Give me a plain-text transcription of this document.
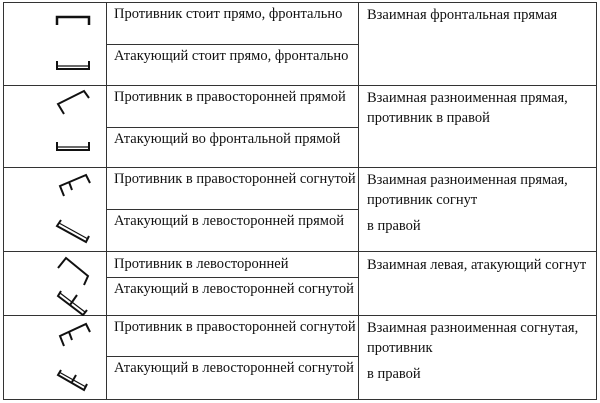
Противник стоит прямо, фронтально
Атакующий стоит прямо, фронтально
Взаимная фронтальная прямая
Противник в правосторонней прямой
Атакующий во фронтальной прямой
Взаимная разноименная прямая, противник в правой
Противник в правосторонней согнутой
Атакующий в левосторонней прямой
Взаимная разноименная прямая, противник согнут
в правой
Противник в левосторонней
Атакующий в левосторонней согнутой
Взаимная левая, атакующий согнут
Противник в правосторонней согнутой
Атакующий в левосторонней согнутой
Взаимная разноименная согнутая, противник
в правой
